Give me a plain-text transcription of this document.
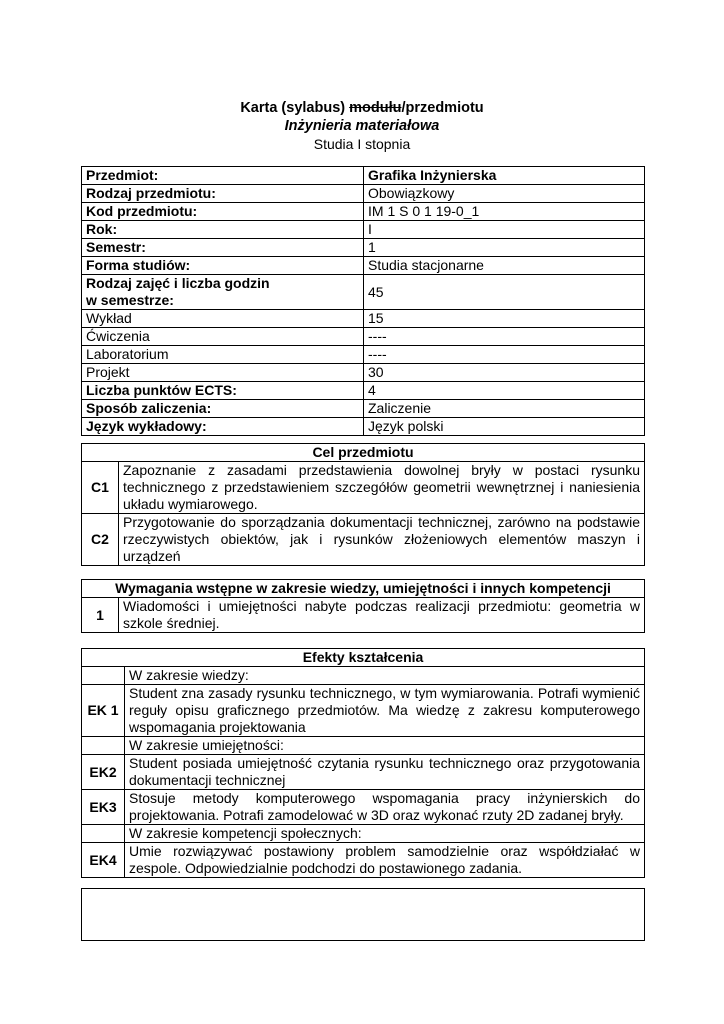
Karta (sylabus) modułu/przedmiotu
Inżynieria materiałowa
Studia I stopnia
Przedmiot:	Grafika Inżynierska
Rodzaj przedmiotu:	Obowiązkowy
Kod przedmiotu:	IM 1 S 0 1 19-0_1
Rok:	I
Semestr:	1
Forma studiów:	Studia stacjonarne

Rodzaj zajęć i liczba godzin
w semestrze:	45
Wykład	15
Ćwiczenia	----
Laboratorium	----
Projekt	30
Liczba punktów ECTS:	4
Sposób zaliczenia:	Zaliczenie
Język wykładowy:	Język polski
Cel przedmiotu	
C1	Zapoznanie z zasadami przedstawienia dowolnej bryły w postaci rysunku technicznego z przedstawieniem szczegółów geometrii wewnętrznej i naniesienia układu wymiarowego.
C2	Przygotowanie do sporządzania dokumentacji technicznej, zarówno na podstawie rzeczywistych obiektów, jak i rysunków złożeniowych elementów maszyn i urządzeń
Wymagania wstępne w zakresie wiedzy, umiejętności i innych kompetencji
1	Wiadomości i umiejętności nabyte podczas realizacji przedmiotu: geometria w szkole średniej.
Efekty kształcenia	
	W zakresie wiedzy:
EK 1	Student zna zasady rysunku technicznego, w tym wymiarowania. Potrafi wymienić reguły opisu graficznego przedmiotów. Ma wiedzę z zakresu komputerowego wspomagania projektowania
	W zakresie umiejętności:
EK2	Student posiada umiejętność czytania rysunku technicznego oraz przygotowania dokumentacji technicznej
EK3	Stosuje metody komputerowego wspomagania pracy inżynierskich do projektowania. Potrafi zamodelować w 3D oraz wykonać rzuty 2D zadanej bryły.
	W zakresie kompetencji społecznych:
EK4	Umie rozwiązywać postawiony problem samodzielnie oraz współdziałać w zespole. Odpowiedzialnie podchodzi do postawionego zadania.
